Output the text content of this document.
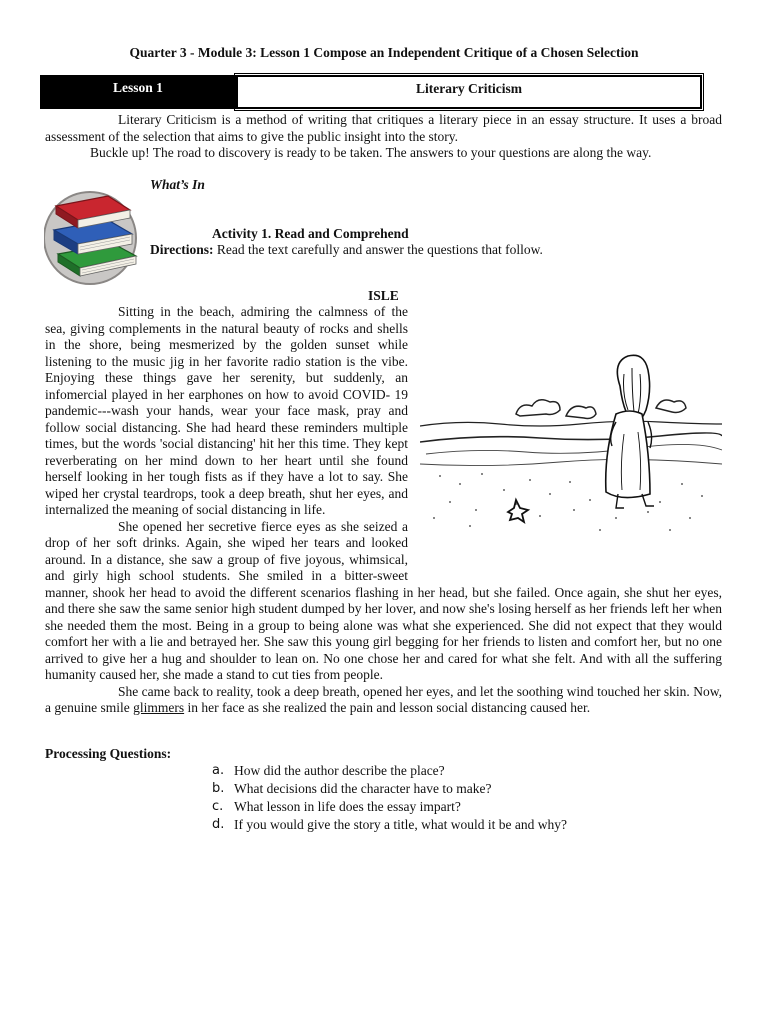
Quarter 3 - Module 3: Lesson 1 Compose an Independent Critique of a Chosen Selection
Lesson 1	Literary Criticism
Literary Criticism is a method of writing that critiques a literary piece in an essay structure. It uses a broad assessment of the selection that aims to give the public insight into the story.
Buckle up! The road to discovery is ready to be taken. The answers to your questions are along the way.
What’s In
Activity 1. Read and Comprehend
Directions: Read the text carefully and answer the questions that follow.
ISLE

Sitting in the beach, admiring the calmness of the sea, giving complements in the natural beauty of rocks and shells in the shore, being mesmerized by the golden sunset while listening to the music jig in her favorite radio station is the vibe. Enjoying these things gave her serenity, but suddenly, an infomercial played in her earphones on how to avoid COVID- 19 pandemic---wash your hands, wear your face mask, pray and follow social distancing. She had heard these reminders multiple times, but the words 'social distancing' hit her this time. They kept reverberating on her mind down to her heart until she found herself looking in her tough fists as if they have a lot to say. She wiped her crystal teardrops, took a deep breath, shut her eyes, and internalized the meaning of social distancing in life.

She opened her secretive fierce eyes as she seized a drop of her soft drinks. Again, she wiped her tears and looked around. In a distance, she saw a group of five joyous, whimsical, and girly high school students. She smiled in a bitter-sweet manner, shook her head to avoid the different scenarios flashing in her head, but she failed. Once again, she shut her eyes, and there she saw the same senior high student dumped by her lover, and now she's losing herself as her friends left her when she needed them the most. Being in a group to being alone was what she experienced. She did not expect that they would comfort her with a lie and betrayed her. She saw this young girl begging for her friends to listen and comfort her, but no one arrived to give her a hug and shoulder to lean on. No one chose her and cared for what she felt. And with all the suffering humanity caused her, she made a stand to cut ties from people.

She came back to reality, took a deep breath, opened her eyes, and let the soothing wind touched her skin. Now, a genuine smile glimmers in her face as she realized the pain and lesson social distancing caused her.

Processing Questions:
a. How did the author describe the place?
b. What decisions did the character have to make?
c. What lesson in life does the essay impart?
d. If you would give the story a title, what would it be and why?
